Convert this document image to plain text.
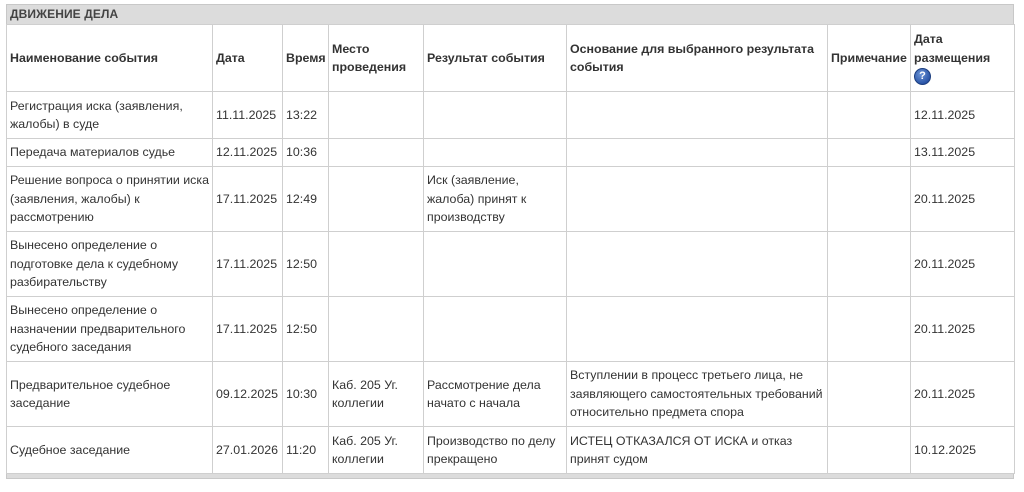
ДВИЖЕНИЕ ДЕЛА
Наименование события	Дата	Время	Место проведения	Результат события	Основание для выбранного результата события	Примечание	Дата размещения
?
Регистрация иска (заявления, жалобы) в суде	11.11.2025	13:22					12.11.2025
Передача материалов судье	12.11.2025	10:36					13.11.2025
Решение вопроса о принятии иска (заявления, жалобы) к рассмотрению	17.11.2025	12:49		Иск (заявление, жалоба) принят к производству			20.11.2025
Вынесено определение о подготовке дела к судебному разбирательству	17.11.2025	12:50					20.11.2025
Вынесено определение о назначении предварительного судебного заседания	17.11.2025	12:50					20.11.2025
Предварительное судебное заседание	09.12.2025	10:30	Каб. 205 Уг. коллегии	Рассмотрение дела начато с начала	Вступлении в процесс третьего лица, не заявляющего самостоятельных требований относительно предмета спора		20.11.2025
Судебное заседание	27.01.2026	11:20	Каб. 205 Уг. коллегии	Производство по делу прекращено	ИСТЕЦ ОТКАЗАЛСЯ ОТ ИСКА и отказ принят судом		10.12.2025
